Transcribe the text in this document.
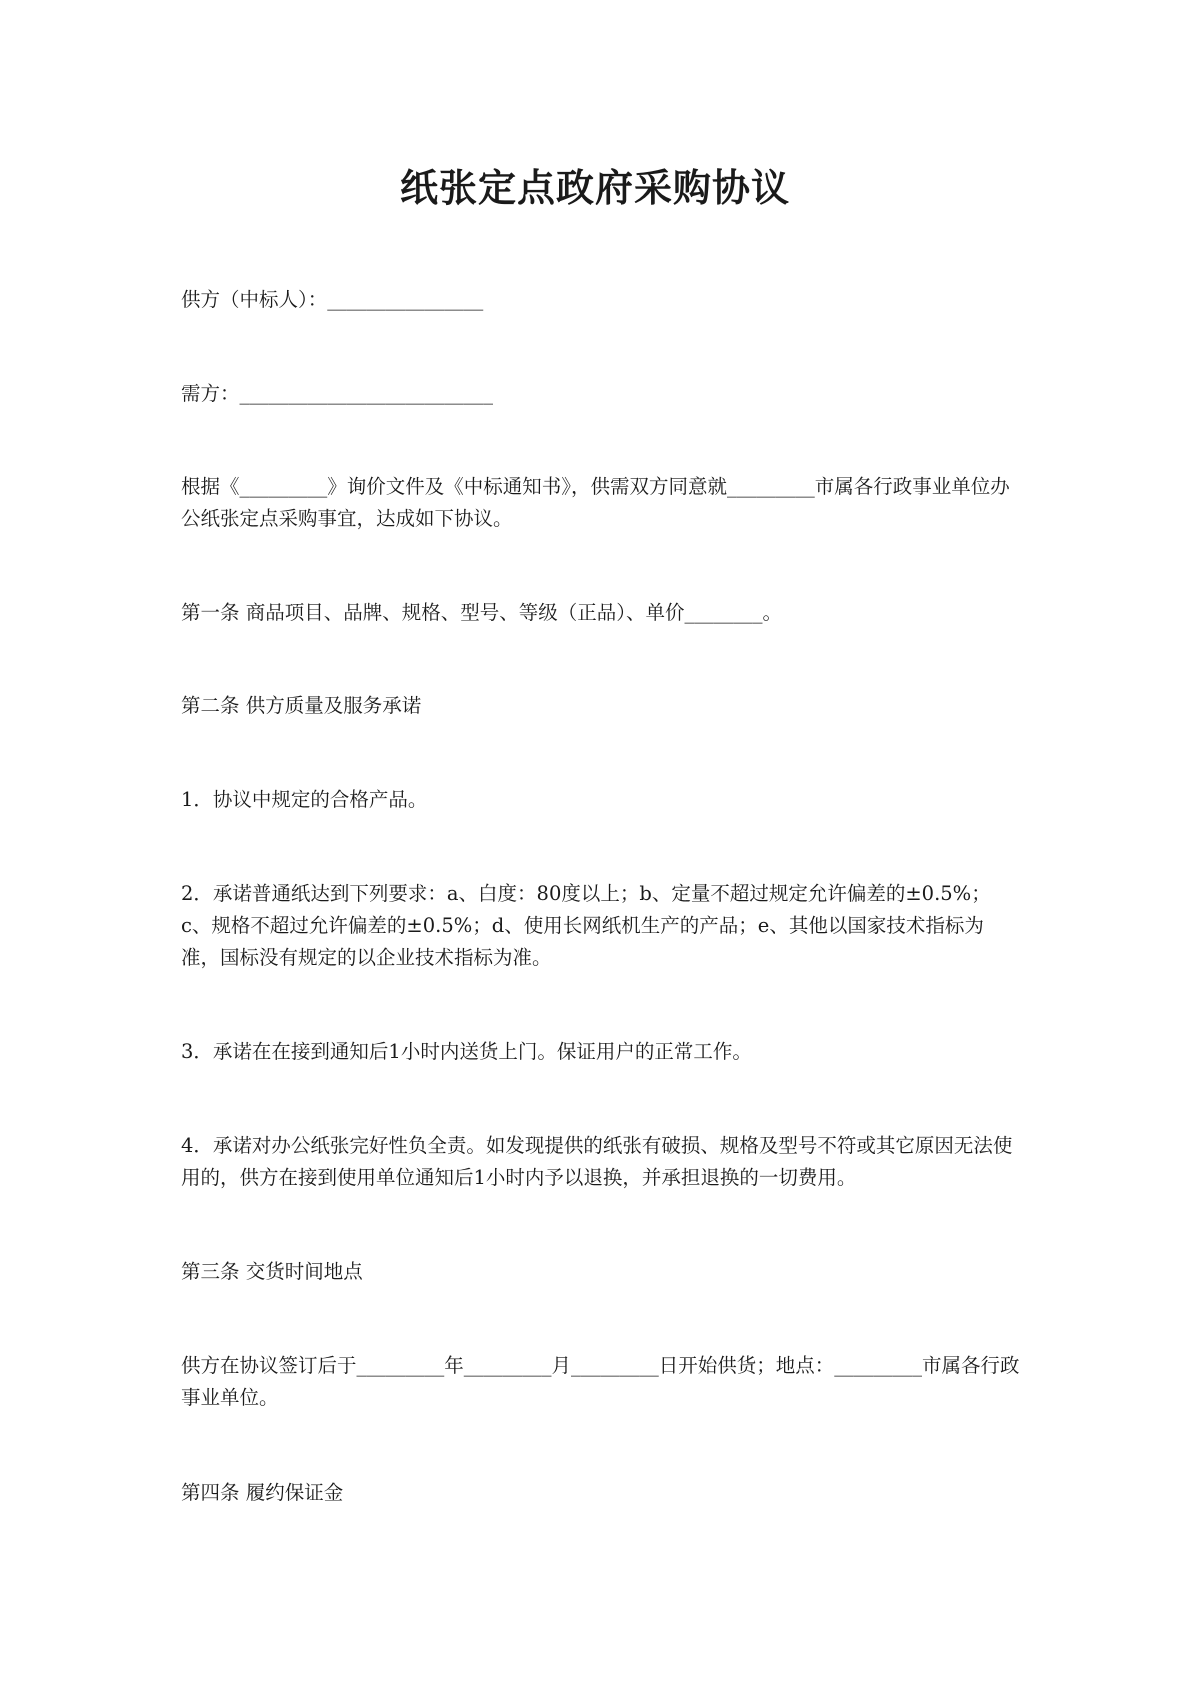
纸张定点政府采购协议

供方（中标人）：________________

需方：__________________________

根据《_________》询价文件及《中标通知书》，供需双方同意就_________市属各行政事业单位办公纸张定点采购事宜，达成如下协议。

第一条 商品项目、品牌、规格、型号、等级（正品）、单价________。

第二条 供方质量及服务承诺

1．协议中规定的合格产品。

2．承诺普通纸达到下列要求：a、白度：80度以上；b、定量不超过规定允许偏差的±0.5%；c、规格不超过允许偏差的±0.5%；d、使用长网纸机生产的产品；e、其他以国家技术指标为准，国标没有规定的以企业技术指标为准。

3．承诺在在接到通知后1小时内送货上门。保证用户的正常工作。

4．承诺对办公纸张完好性负全责。如发现提供的纸张有破损、规格及型号不符或其它原因无法使用的，供方在接到使用单位通知后1小时内予以退换，并承担退换的一切费用。

第三条 交货时间地点

供方在协议签订后于_________年_________月_________日开始供货；地点：_________市属各行政事业单位。

第四条 履约保证金
